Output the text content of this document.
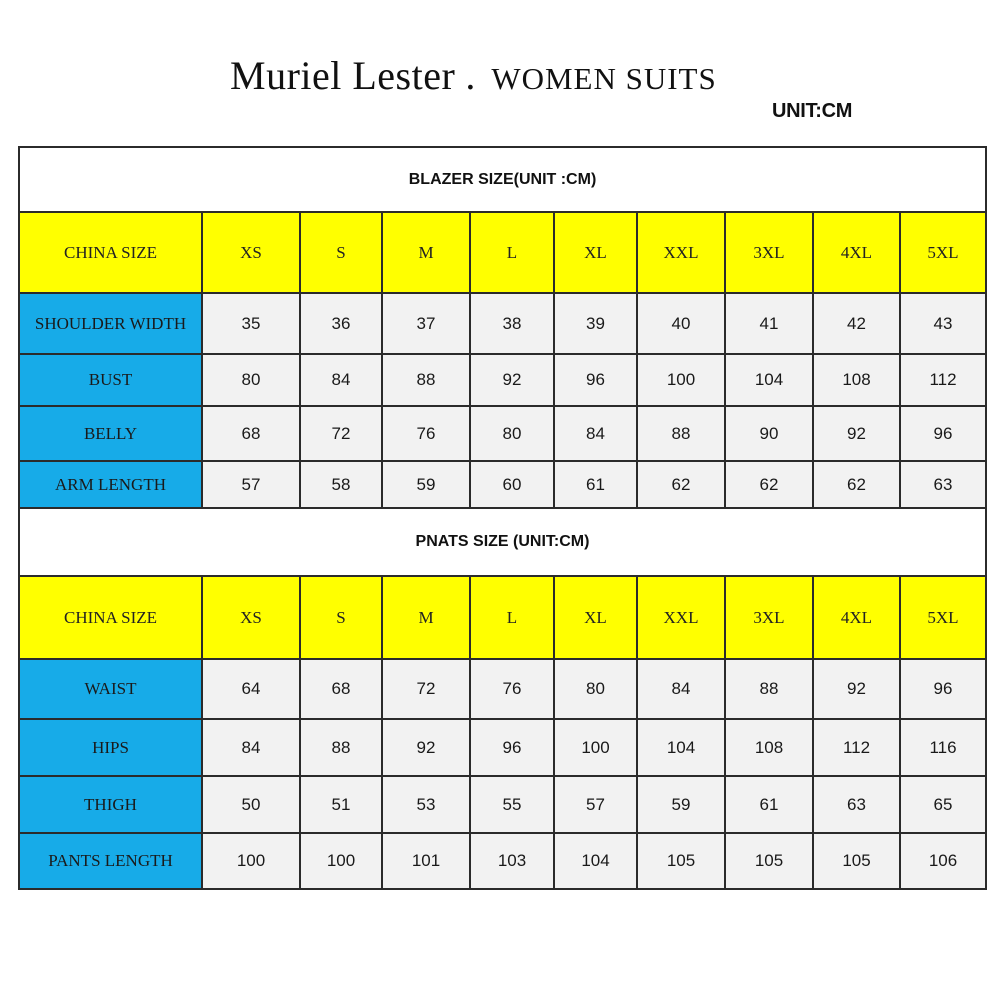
Muriel Lester . WOMEN SUITS
UNIT:CM
BLAZER SIZE(UNIT :CM)									
CHINA SIZE	XS	S	M	L	XL	XXL	3XL	4XL	5XL
SHOULDER WIDTH	35	36	37	38	39	40	41	42	43
BUST	80	84	88	92	96	100	104	108	112
BELLY	68	72	76	80	84	88	90	92	96
ARM LENGTH	57	58	59	60	61	62	62	62	63
PNATS SIZE (UNIT:CM)									
CHINA SIZE	XS	S	M	L	XL	XXL	3XL	4XL	5XL
WAIST	64	68	72	76	80	84	88	92	96
HIPS	84	88	92	96	100	104	108	112	116
THIGH	50	51	53	55	57	59	61	63	65
PANTS LENGTH	100	100	101	103	104	105	105	105	106
